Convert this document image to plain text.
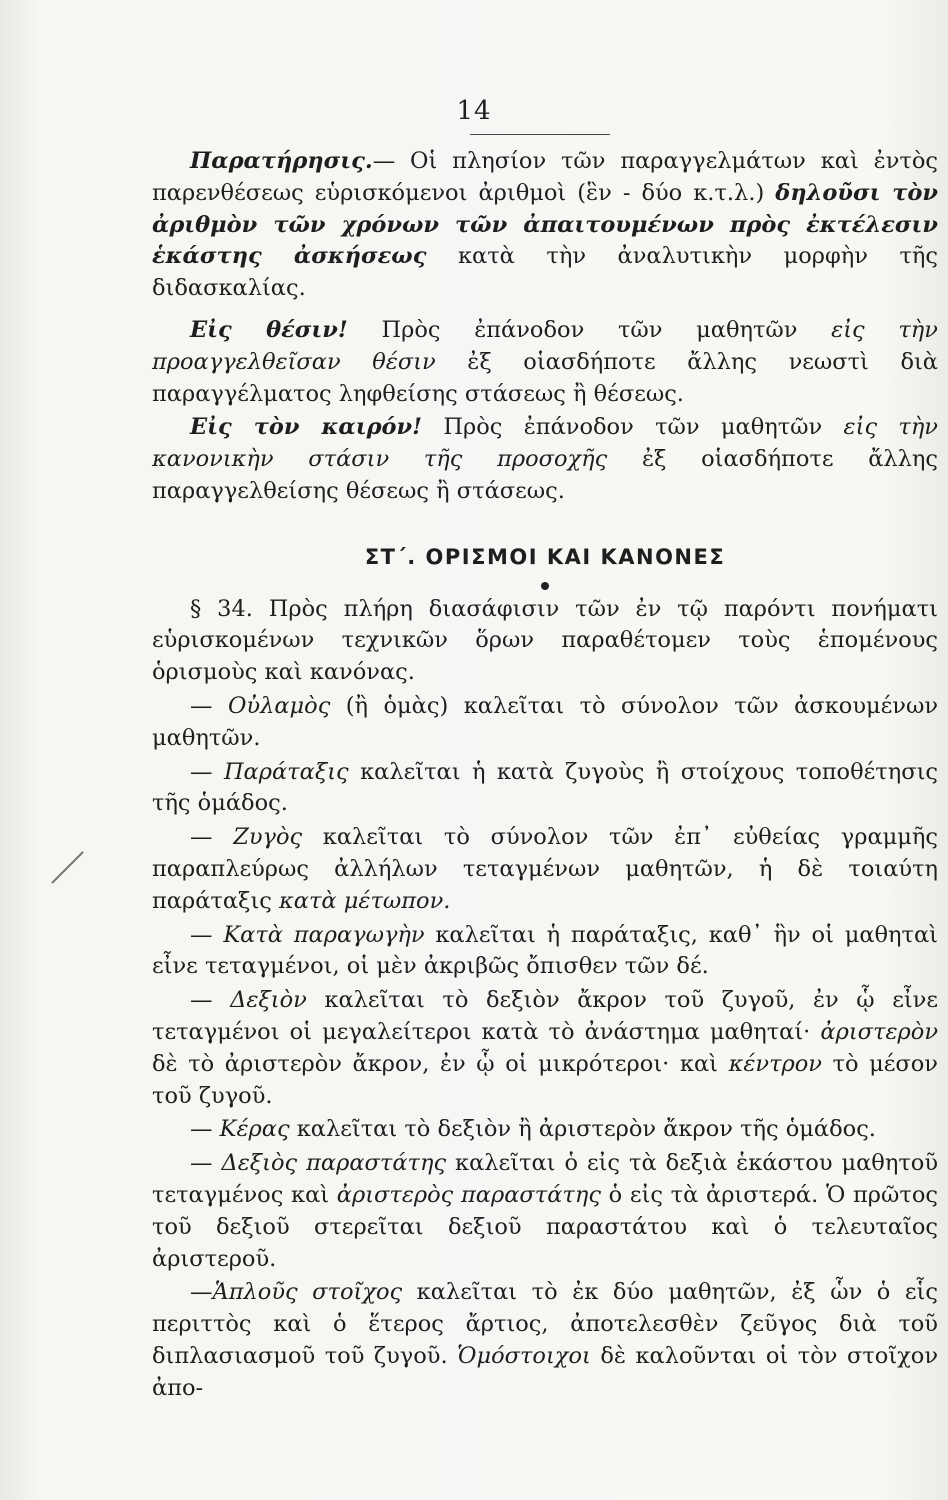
14

Παρατήρησις.— Οἱ πλησίον τῶν παραγγελμάτων καὶ ἐντὸς παρενθέσεως εὑρισκόμενοι ἀριθμοὶ (ἓν - δύο κ.τ.λ.) δηλοῦσι τὸν ἀριθμὸν τῶν χρόνων τῶν ἀπαιτουμένων πρὸς ἐκτέλεσιν ἑκάστης ἀσκήσεως κατὰ τὴν ἀναλυτικὴν μορφὴν τῆς διδασκαλίας.

Εἰς θέσιν! Πρὸς ἐπάνοδον τῶν μαθητῶν εἰς τὴν προαγγελθεῖσαν θέσιν ἐξ οἱασδήποτε ἄλλης νεωστὶ διὰ παραγγέλματος ληφθείσης στάσεως ἢ θέσεως.

Εἰς τὸν καιρόν! Πρὸς ἐπάνοδον τῶν μαθητῶν εἰς τὴν κανονικὴν στάσιν τῆς προσοχῆς ἐξ οἱασδήποτε ἄλλης παραγγελθείσης θέσεως ἢ στάσεως.

ΣΤ΄. ΟΡΙΣΜΟΙ ΚΑΙ ΚΑΝΟΝΕΣ

§ 34. Πρὸς πλήρη διασάφισιν τῶν ἐν τῷ παρόντι πονήματι εὑρισκομένων τεχνικῶν ὅρων παραθέτομεν τοὺς ἑπομένους ὁρισμοὺς καὶ κανόνας.

— Οὐλαμὸς (ἢ ὁμὰς) καλεῖται τὸ σύνολον τῶν ἀσκουμένων μαθητῶν.

— Παράταξις καλεῖται ἡ κατὰ ζυγοὺς ἢ στοίχους τοποθέτησις τῆς ὁμάδος.

— Ζυγὸς καλεῖται τὸ σύνολον τῶν ἐπ᾿ εὐθείας γραμμῆς παραπλεύρως ἀλλήλων τεταγμένων μαθητῶν, ἡ δὲ τοιαύτη παράταξις κατὰ μέτωπον.

— Κατὰ παραγωγὴν καλεῖται ἡ παράταξις, καθ᾿ ἣν οἱ μαθηταὶ εἶνε τεταγμένοι, οἱ μὲν ἀκριβῶς ὄπισθεν τῶν δέ.

— Δεξιὸν καλεῖται τὸ δεξιὸν ἄκρον τοῦ ζυγοῦ, ἐν ᾧ εἶνε τεταγμένοι οἱ μεγαλείτεροι κατὰ τὸ ἀνάστημα μαθηταί· ἀριστερὸν δὲ τὸ ἀριστερὸν ἄκρον, ἐν ᾧ οἱ μικρότεροι· καὶ κέντρον τὸ μέσον τοῦ ζυγοῦ.

— Κέρας καλεῖται τὸ δεξιὸν ἢ ἀριστερὸν ἄκρον τῆς ὁμάδος.

— Δεξιὸς παραστάτης καλεῖται ὁ εἰς τὰ δεξιὰ ἑκάστου μαθητοῦ τεταγμένος καὶ ἀριστερὸς παραστάτης ὁ εἰς τὰ ἀριστερά. Ὁ πρῶτος τοῦ δεξιοῦ στερεῖται δεξιοῦ παραστάτου καὶ ὁ τελευταῖος ἀριστεροῦ.

—Ἁπλοῦς στοῖχος καλεῖται τὸ ἐκ δύο μαθητῶν, ἐξ ὧν ὁ εἷς περιττὸς καὶ ὁ ἕτερος ἄρτιος, ἀποτελεσθὲν ζεῦγος διὰ τοῦ διπλασιασμοῦ τοῦ ζυγοῦ. Ὁμόστοιχοι δὲ καλοῦνται οἱ τὸν στοῖχον ἀπο-
